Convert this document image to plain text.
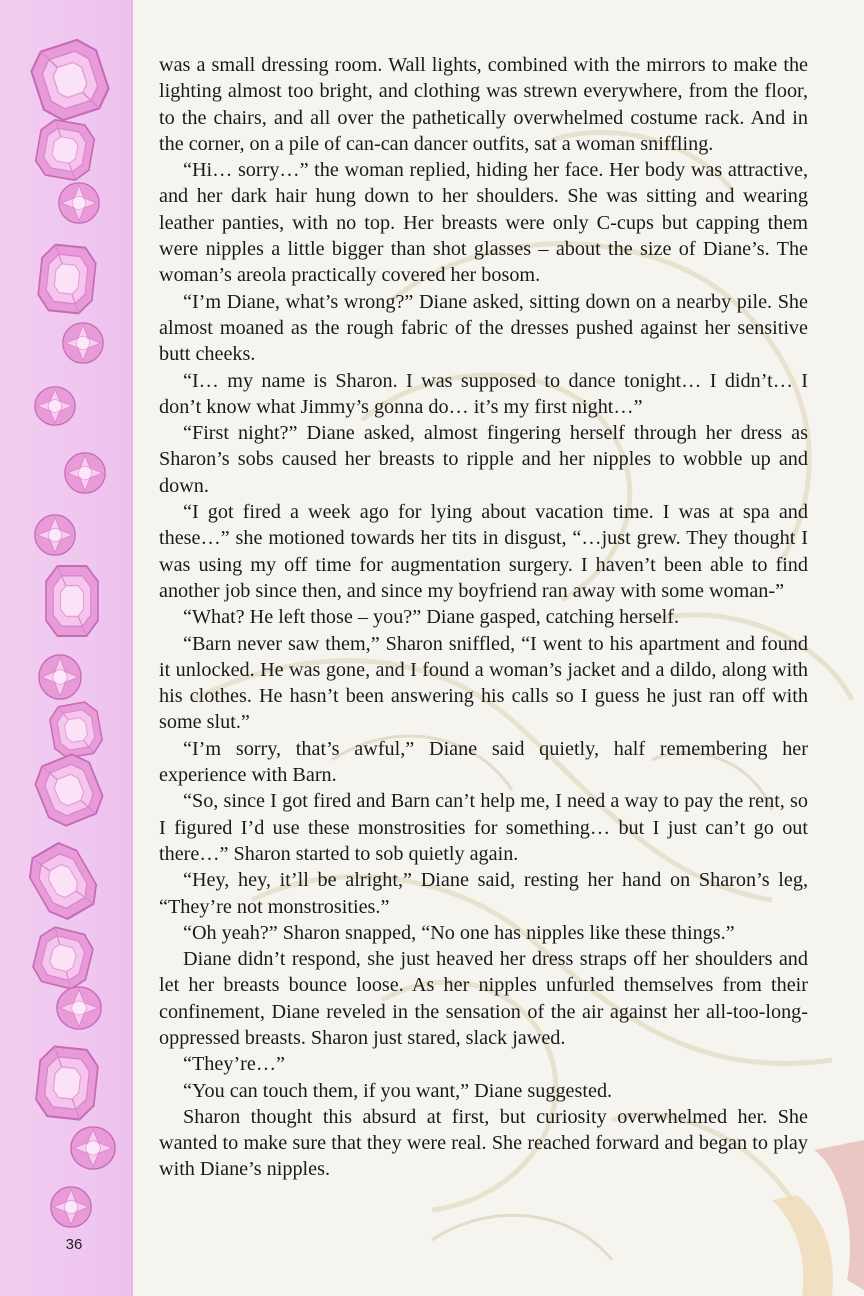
was a small dressing room. Wall lights, combined with the mirrors to make the lighting almost too bright, and clothing was strewn everywhere, from the floor, to the chairs, and all over the pathetically overwhelmed costume rack. And in the corner, on a pile of can-can dancer outfits, sat a woman sniffling.

“Hi… sorry…” the woman replied, hiding her face. Her body was attractive, and her dark hair hung down to her shoulders. She was sitting and wearing leather panties, with no top. Her breasts were only C-cups but capping them were nipples a little bigger than shot glasses – about the size of Diane’s. The woman’s areola practically covered her bosom.

“I’m Diane, what’s wrong?” Diane asked, sitting down on a nearby pile. She almost moaned as the rough fabric of the dresses pushed against her sensitive butt cheeks.

“I… my name is Sharon. I was supposed to dance tonight… I didn’t… I don’t know what Jimmy’s gonna do… it’s my first night…”

“First night?” Diane asked, almost fingering herself through her dress as Sharon’s sobs caused her breasts to ripple and her nipples to wobble up and down.

“I got fired a week ago for lying about vacation time. I was at spa and these…” she motioned towards her tits in disgust, “…just grew. They thought I was using my off time for augmentation surgery. I haven’t been able to find another job since then, and since my boyfriend ran away with some woman-”

“What? He left those – you?” Diane gasped, catching herself.

“Barn never saw them,” Sharon sniffled, “I went to his apartment and found it unlocked. He was gone, and I found a woman’s jacket and a dildo, along with his clothes. He hasn’t been answering his calls so I guess he just ran off with some slut.”

“I’m sorry, that’s awful,” Diane said quietly, half remembering her experience with Barn.

“So, since I got fired and Barn can’t help me, I need a way to pay the rent, so I figured I’d use these monstrosities for something… but I just can’t go out there…” Sharon started to sob quietly again.

“Hey, hey, it’ll be alright,” Diane said, resting her hand on Sharon’s leg, “They’re not monstrosities.”

“Oh yeah?” Sharon snapped, “No one has nipples like these things.”

Diane didn’t respond, she just heaved her dress straps off her shoulders and let her breasts bounce loose. As her nipples unfurled themselves from their confinement, Diane reveled in the sensation of the air against her all-too-long-oppressed breasts. Sharon just stared, slack jawed.

“They’re…”

“You can touch them, if you want,” Diane suggested.

Sharon thought this absurd at first, but curiosity overwhelmed her. She wanted to make sure that they were real. She reached forward and began to play with Diane’s nipples.

36
